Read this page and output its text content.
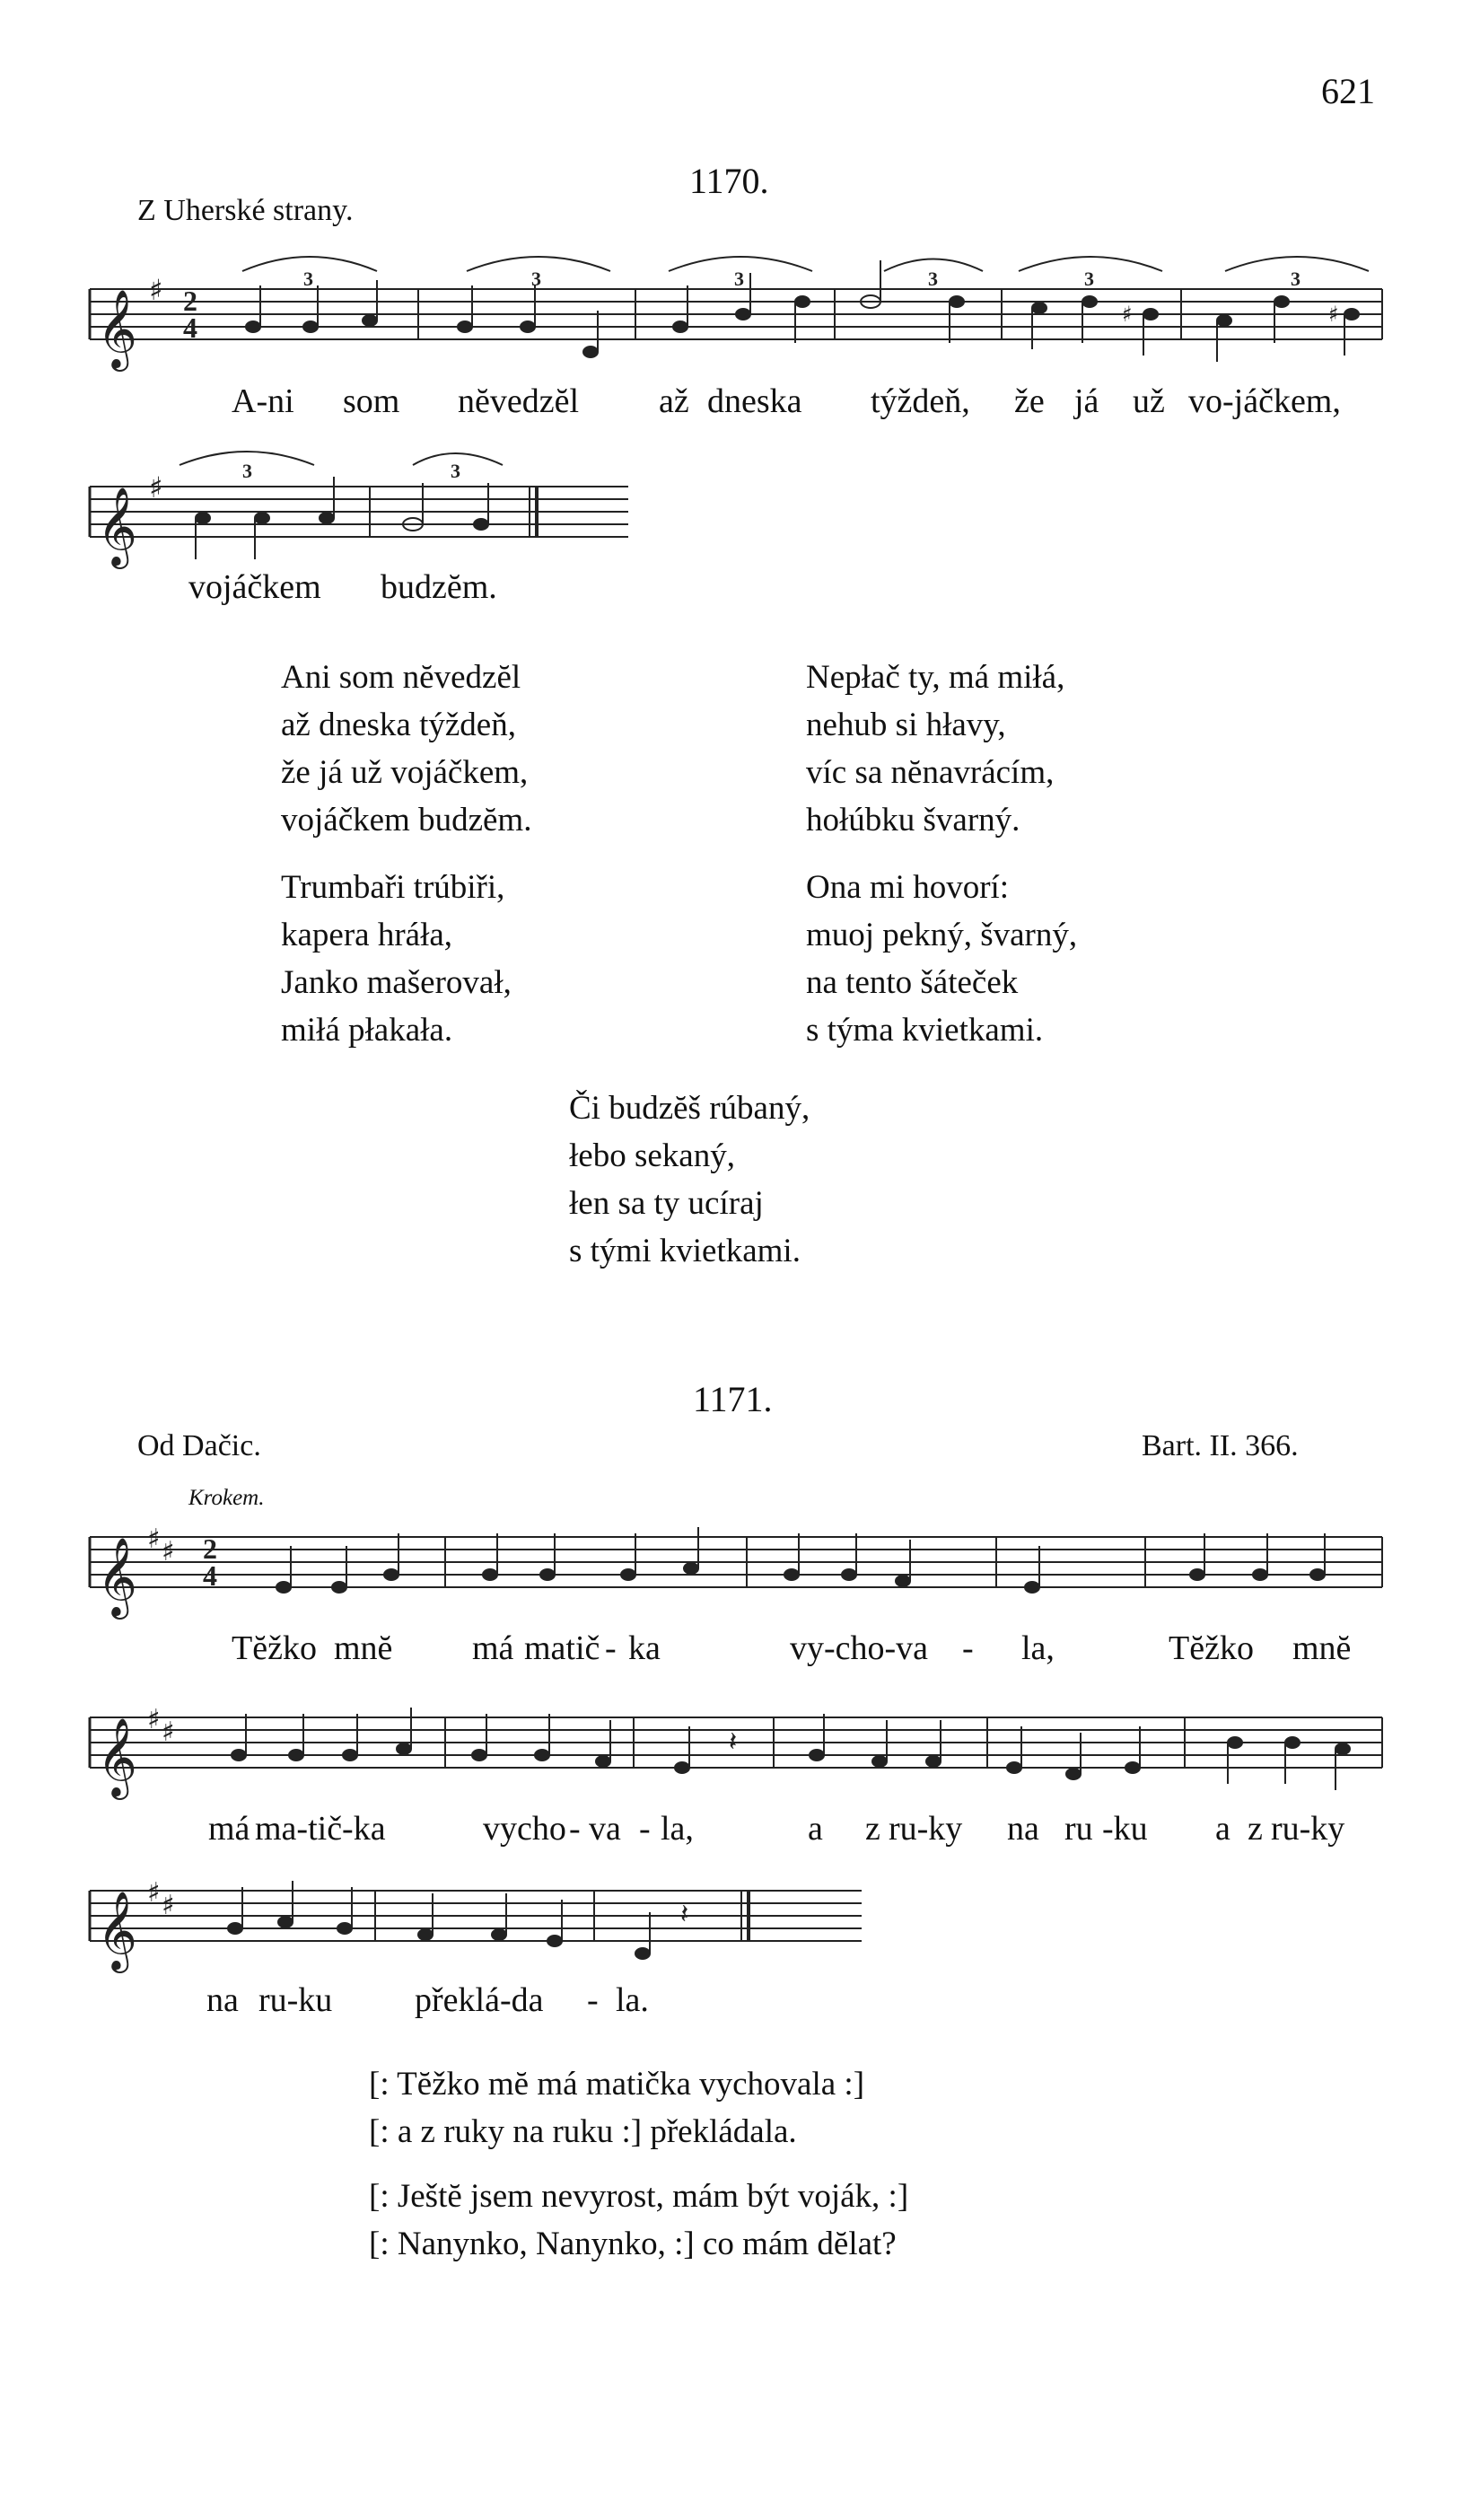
621
1170.
Z Uherské strany.
𝄞 ♯ 2
4
3	3	3	3	3	3
♯	♯
A-ni som nĕvedzĕl až dneska týždeň, že já už vo-jáčkem,
𝄞 ♯	3	3
vojáčkem budzĕm.
Ani som nĕvedzĕl
až dneska týždeň,
že já už vojáčkem,
vojáčkem budzĕm.
Trumbaři trúbiři,
kapera hráła,
Janko mašerovał,
miłá płakała.
Nepłač ty, má miłá,
nehub si hłavy,
víc sa nĕnavrácím,
hołúbku švarný.
Ona mi hovorí:
muoj pekný, švarný,
na tento šáteček
s týma kvietkami.
Či budzĕš rúbaný,
łebo sekaný,
łen sa ty ucíraj
s tými kvietkami.
1171.
Od Dačic.	Bart. II. 366.
Krokem.
𝄞 ♯ ♯ 2
4
Tĕžko mnĕ má matič - ka	vy-cho-va - la,	Tĕžko mnĕ
𝄞 ♯ ♯	𝄽
má ma-tič-ka	vycho - va - la,	a z ru-ky na ru -ku a z ru-ky
𝄞 ♯ ♯	𝄽
na ru-ku překlá-da - la.
[: Tĕžko mĕ má matička vychovala :]
[: a z ruky na ruku :] překládala.
[: Ještĕ jsem nevyrost, mám být voják, :]
[: Nanynko, Nanynko, :] co mám dĕlat?
